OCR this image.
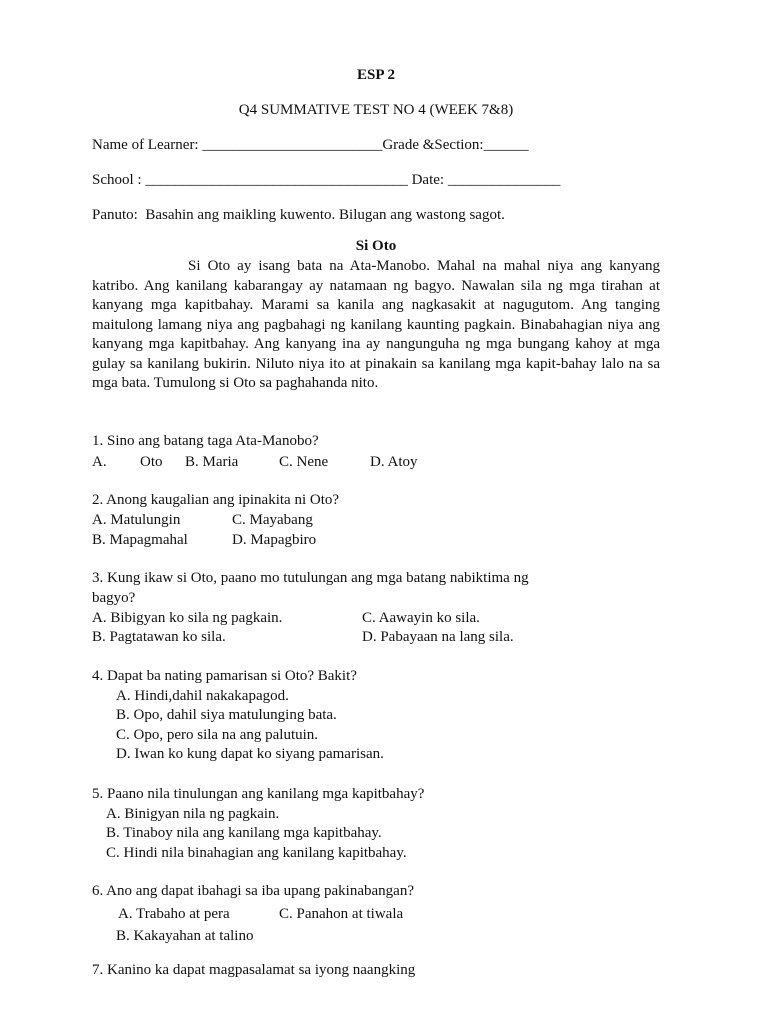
ESP 2
Q4 SUMMATIVE TEST NO 4 (WEEK 7&8)
Name of Learner: ________________________Grade &Section:______
School : ___________________________________ Date: _______________
Panuto:  Basahin ang maikling kuwento. Bilugan ang wastong sagot.
Si Oto
Si Oto ay isang bata na Ata-Manobo. Mahal na mahal niya ang kanyang katribo. Ang kanilang kabarangay ay natamaan ng bagyo. Nawalan sila ng mga tirahan at kanyang mga kapitbahay. Marami sa kanila ang nagkasakit at nagugutom. Ang tanging maitulong lamang niya ang pagbahagi ng kanilang kaunting pagkain. Binabahagian niya ang kanyang mga kapitbahay. Ang kanyang ina ay nangunguha ng mga bungang kahoy at mga gulay sa kanilang bukirin. Niluto niya ito at pinakain sa kanilang mga kapit-bahay lalo na sa mga bata. Tumulong si Oto sa paghahanda nito.
1. Sino ang batang taga Ata-Manobo?
A. Oto B. Maria	C. Nene	D. Atoy
2. Anong kaugalian ang ipinakita ni Oto?
A. Matulungin	C. Mayabang
B. Mapagmahal	D. Mapagbiro
3. Kung ikaw si Oto, paano mo tutulungan ang mga batang nabiktima ng
bagyo?
A. Bibigyan ko sila ng pagkain.	C. Aawayin ko sila.
B. Pagtatawan ko sila.	D. Pabayaan na lang sila.
4. Dapat ba nating pamarisan si Oto? Bakit?
A. Hindi,dahil nakakapagod.
B. Opo, dahil siya matulunging bata.
C. Opo, pero sila na ang palutuin.
D. Iwan ko kung dapat ko siyang pamarisan.
5. Paano nila tinulungan ang kanilang mga kapitbahay?
A. Binigyan nila ng pagkain.
B. Tinaboy nila ang kanilang mga kapitbahay.
C. Hindi nila binahagian ang kanilang kapitbahay.
6. Ano ang dapat ibahagi sa iba upang pakinabangan?
A. Trabaho at pera	C. Panahon at tiwala
B. Kakayahan at talino
7. Kanino ka dapat magpasalamat sa iyong naangking
